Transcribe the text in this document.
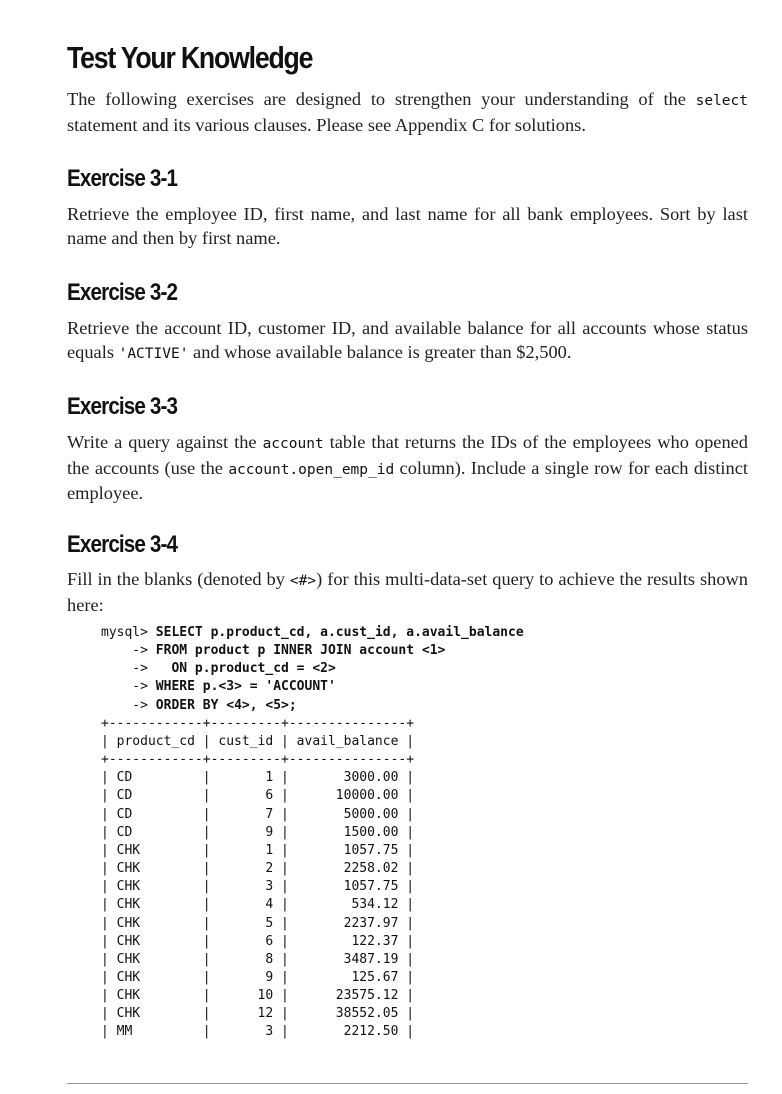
Test Your Knowledge

The following exercises are designed to strengthen your understanding of the select statement and its various clauses. Please see Appendix C for solutions.

Exercise 3-1

Retrieve the employee ID, first name, and last name for all bank employees. Sort by last name and then by first name.

Exercise 3-2

Retrieve the account ID, customer ID, and available balance for all accounts whose status equals 'ACTIVE' and whose available balance is greater than $2,500.

Exercise 3-3

Write a query against the account table that returns the IDs of the employees who opened the accounts (use the account.open_emp_id column). Include a single row for each distinct employee.

Exercise 3-4

Fill in the blanks (denoted by <#>) for this multi-data-set query to achieve the results shown here:

mysql> SELECT p.product_cd, a.cust_id, a.avail_balance
-> FROM product p INNER JOIN account <1>
->   ON p.product_cd = <2>
-> WHERE p.<3> = 'ACCOUNT'
-> ORDER BY <4>, <5>;
+------------+---------+---------------+
| product_cd | cust_id | avail_balance |
+------------+---------+---------------+
| CD         |       1 |       3000.00 |
| CD         |       6 |      10000.00 |
| CD         |       7 |       5000.00 |
| CD         |       9 |       1500.00 |
| CHK        |       1 |       1057.75 |
| CHK        |       2 |       2258.02 |
| CHK        |       3 |       1057.75 |
| CHK        |       4 |        534.12 |
| CHK        |       5 |       2237.97 |
| CHK        |       6 |        122.37 |
| CHK        |       8 |       3487.19 |
| CHK        |       9 |        125.67 |
| CHK        |      10 |      23575.12 |
| CHK        |      12 |      38552.05 |
| MM         |       3 |       2212.50 |
